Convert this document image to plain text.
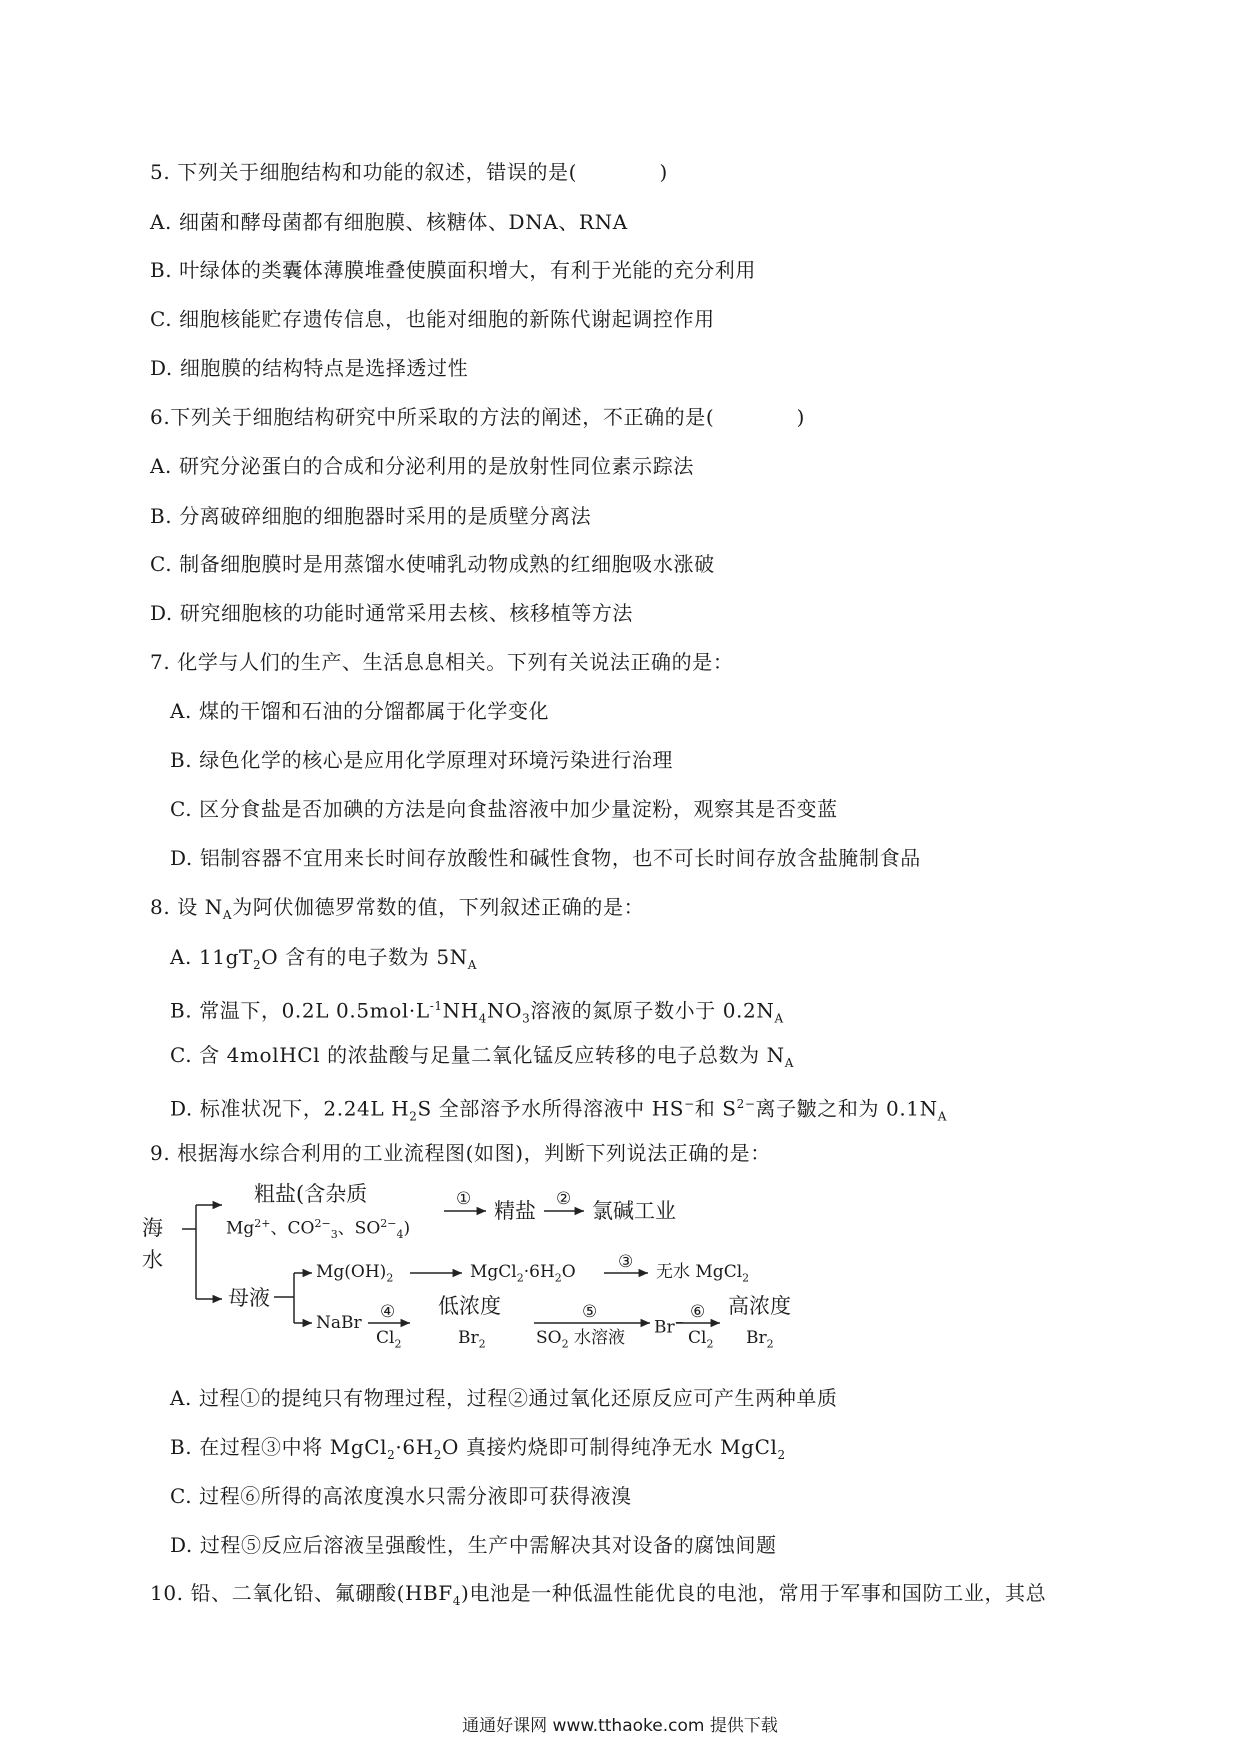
5. 下列关于细胞结构和功能的叙述，错误的是(　　　　)
A. 细菌和酵母菌都有细胞膜、核糖体、DNA、RNA
B. 叶绿体的类囊体薄膜堆叠使膜面积增大，有利于光能的充分利用
C. 细胞核能贮存遗传信息，也能对细胞的新陈代谢起调控作用
D. 细胞膜的结构特点是选择透过性
6.下列关于细胞结构研究中所采取的方法的阐述，不正确的是(　　　　)
A. 研究分泌蛋白的合成和分泌利用的是放射性同位素示踪法
B. 分离破碎细胞的细胞器时采用的是质壁分离法
C. 制备细胞膜时是用蒸馏水使哺乳动物成熟的红细胞吸水涨破
D. 研究细胞核的功能时通常采用去核、核移植等方法
7. 化学与人们的生产、生活息息相关。下列有关说法正确的是：
A. 煤的干馏和石油的分馏都属于化学变化
B. 绿色化学的核心是应用化学原理对环境污染进行治理
C. 区分食盐是否加碘的方法是向食盐溶液中加少量淀粉，观察其是否变蓝
D. 铝制容器不宜用来长时间存放酸性和碱性食物，也不可长时间存放含盐腌制食品
8. 设 $N_A$为阿伏伽德罗常数的值，下列叙述正确的是：
A. $11gT_2O$ 含有的电子数为 $5N_A$
B. 常温下，0.2L $0.5mol\cdot L^{-1}NH_4NO_3$溶液的氮原子数小于 $0.2N_A$
C. 含 4molHCl 的浓盐酸与足量二氧化锰反应转移的电子总数为 $N_A$
D. 标准状况下，2.24L $H_2S$ 全部溶予水所得溶液中 HS−和 $S^{2-}$离子皺之和为 $0.1N_A$
9. 根据海水综合利用的工业流程图(如图)，判断下列说法正确的是：
海
水
粗盐(含杂质
$Mg^{2+}$、$CO^{2-}_3$、$SO^{2-}_4$)
① 精盐 ② 氯碱工业
母液
$Mg(OH)_2$	$MgCl_2\cdot 6H_2O$ ③ 无水 MgCl$_2$
NaBr
④
$Cl_2$
低浓度
$Br_2$
⑤
$SO_2$ 水溶液
Br−
⑥
$Cl_2$
高浓度
$Br_2$
A. 过程①的提纯只有物理过程，过程②通过氧化还原反应可产生两种单质
B. 在过程③中将 $MgCl_2\cdot 6H_2O$ 真接灼烧即可制得纯净无水 MgCl$_2$
C. 过程⑥所得的高浓度溴水只需分液即可获得液溴
D. 过程⑤反应后溶液呈强酸性，生产中需解决其对设备的腐蚀间题
10. 铅、二氧化铅、氟硼酸$(HBF_4)$电池是一种低温性能优良的电池，常用于军事和国防工业，其总
通通好课网 www.tthaoke.com 提供下载
